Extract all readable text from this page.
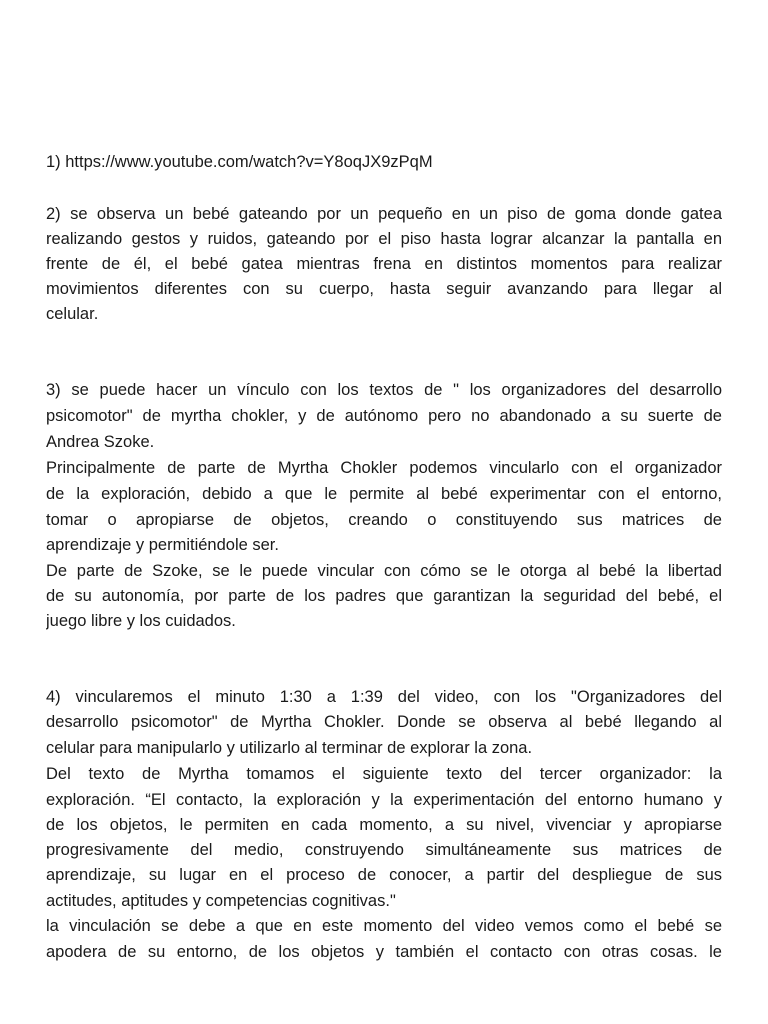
1) https://www.youtube.com/watch?v=Y8oqJX9zPqM
2) se observa un bebé gateando por un pequeño en un piso de goma donde gatea
realizando gestos y ruidos, gateando por el piso hasta lograr alcanzar la pantalla en
frente de él, el bebé gatea mientras frena en distintos momentos para realizar
movimientos diferentes con su cuerpo, hasta seguir avanzando para llegar al
celular.
3) se puede hacer un vínculo con los textos de " los organizadores del desarrollo
psicomotor" de myrtha chokler, y de autónomo pero no abandonado a su suerte de
Andrea Szoke.
Principalmente de parte de Myrtha Chokler podemos vincularlo con el organizador
de la exploración, debido a que le permite al bebé experimentar con el entorno,
tomar o apropiarse de objetos, creando o constituyendo sus matrices de
aprendizaje y permitiéndole ser.
De parte de Szoke, se le puede vincular con cómo se le otorga al bebé la libertad
de su autonomía, por parte de los padres que garantizan la seguridad del bebé, el
juego libre y los cuidados.
4) vincularemos el minuto 1:30 a 1:39 del video, con los "Organizadores del
desarrollo psicomotor" de Myrtha Chokler. Donde se observa al bebé llegando al
celular para manipularlo y utilizarlo al terminar de explorar la zona.
Del texto de Myrtha tomamos el siguiente texto del tercer organizador: la
exploración. “El contacto, la exploración y la experimentación del entorno humano y
de los objetos, le permiten en cada momento, a su nivel, vivenciar y apropiarse
progresivamente del medio, construyendo simultáneamente sus matrices de
aprendizaje, su lugar en el proceso de conocer, a partir del despliegue de sus
actitudes, aptitudes y competencias cognitivas."
la vinculación se debe a que en este momento del video vemos como el bebé se
apodera de su entorno, de los objetos y también el contacto con otras cosas. le
